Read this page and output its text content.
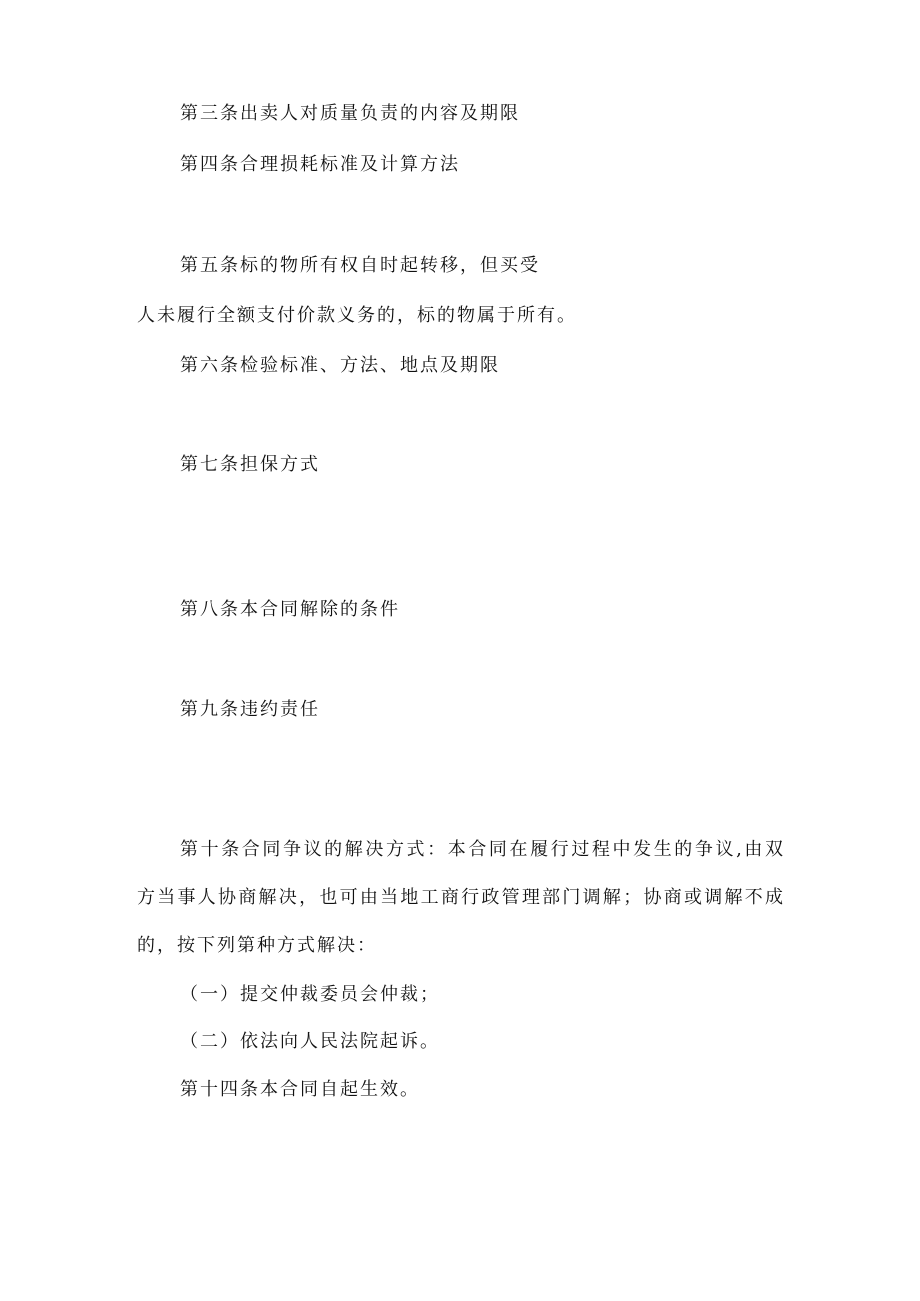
第三条出卖人对质量负责的内容及期限
第四条合理损耗标准及计算方法
第五条标的物所有权自时起转移，但买受
人未履行全额支付价款义务的，标的物属于所有。
第六条检验标准、方法、地点及期限
第七条担保方式
第八条本合同解除的条件
第九条违约责任
第十条合同争议的解决方式：本合同在履行过程中发生的争议,由双
方当事人协商解决，也可由当地工商行政管理部门调解；协商或调解不成
的，按下列第种方式解决：
（一）提交仲裁委员会仲裁；
（二）依法向人民法院起诉。
第十四条本合同自起生效。
